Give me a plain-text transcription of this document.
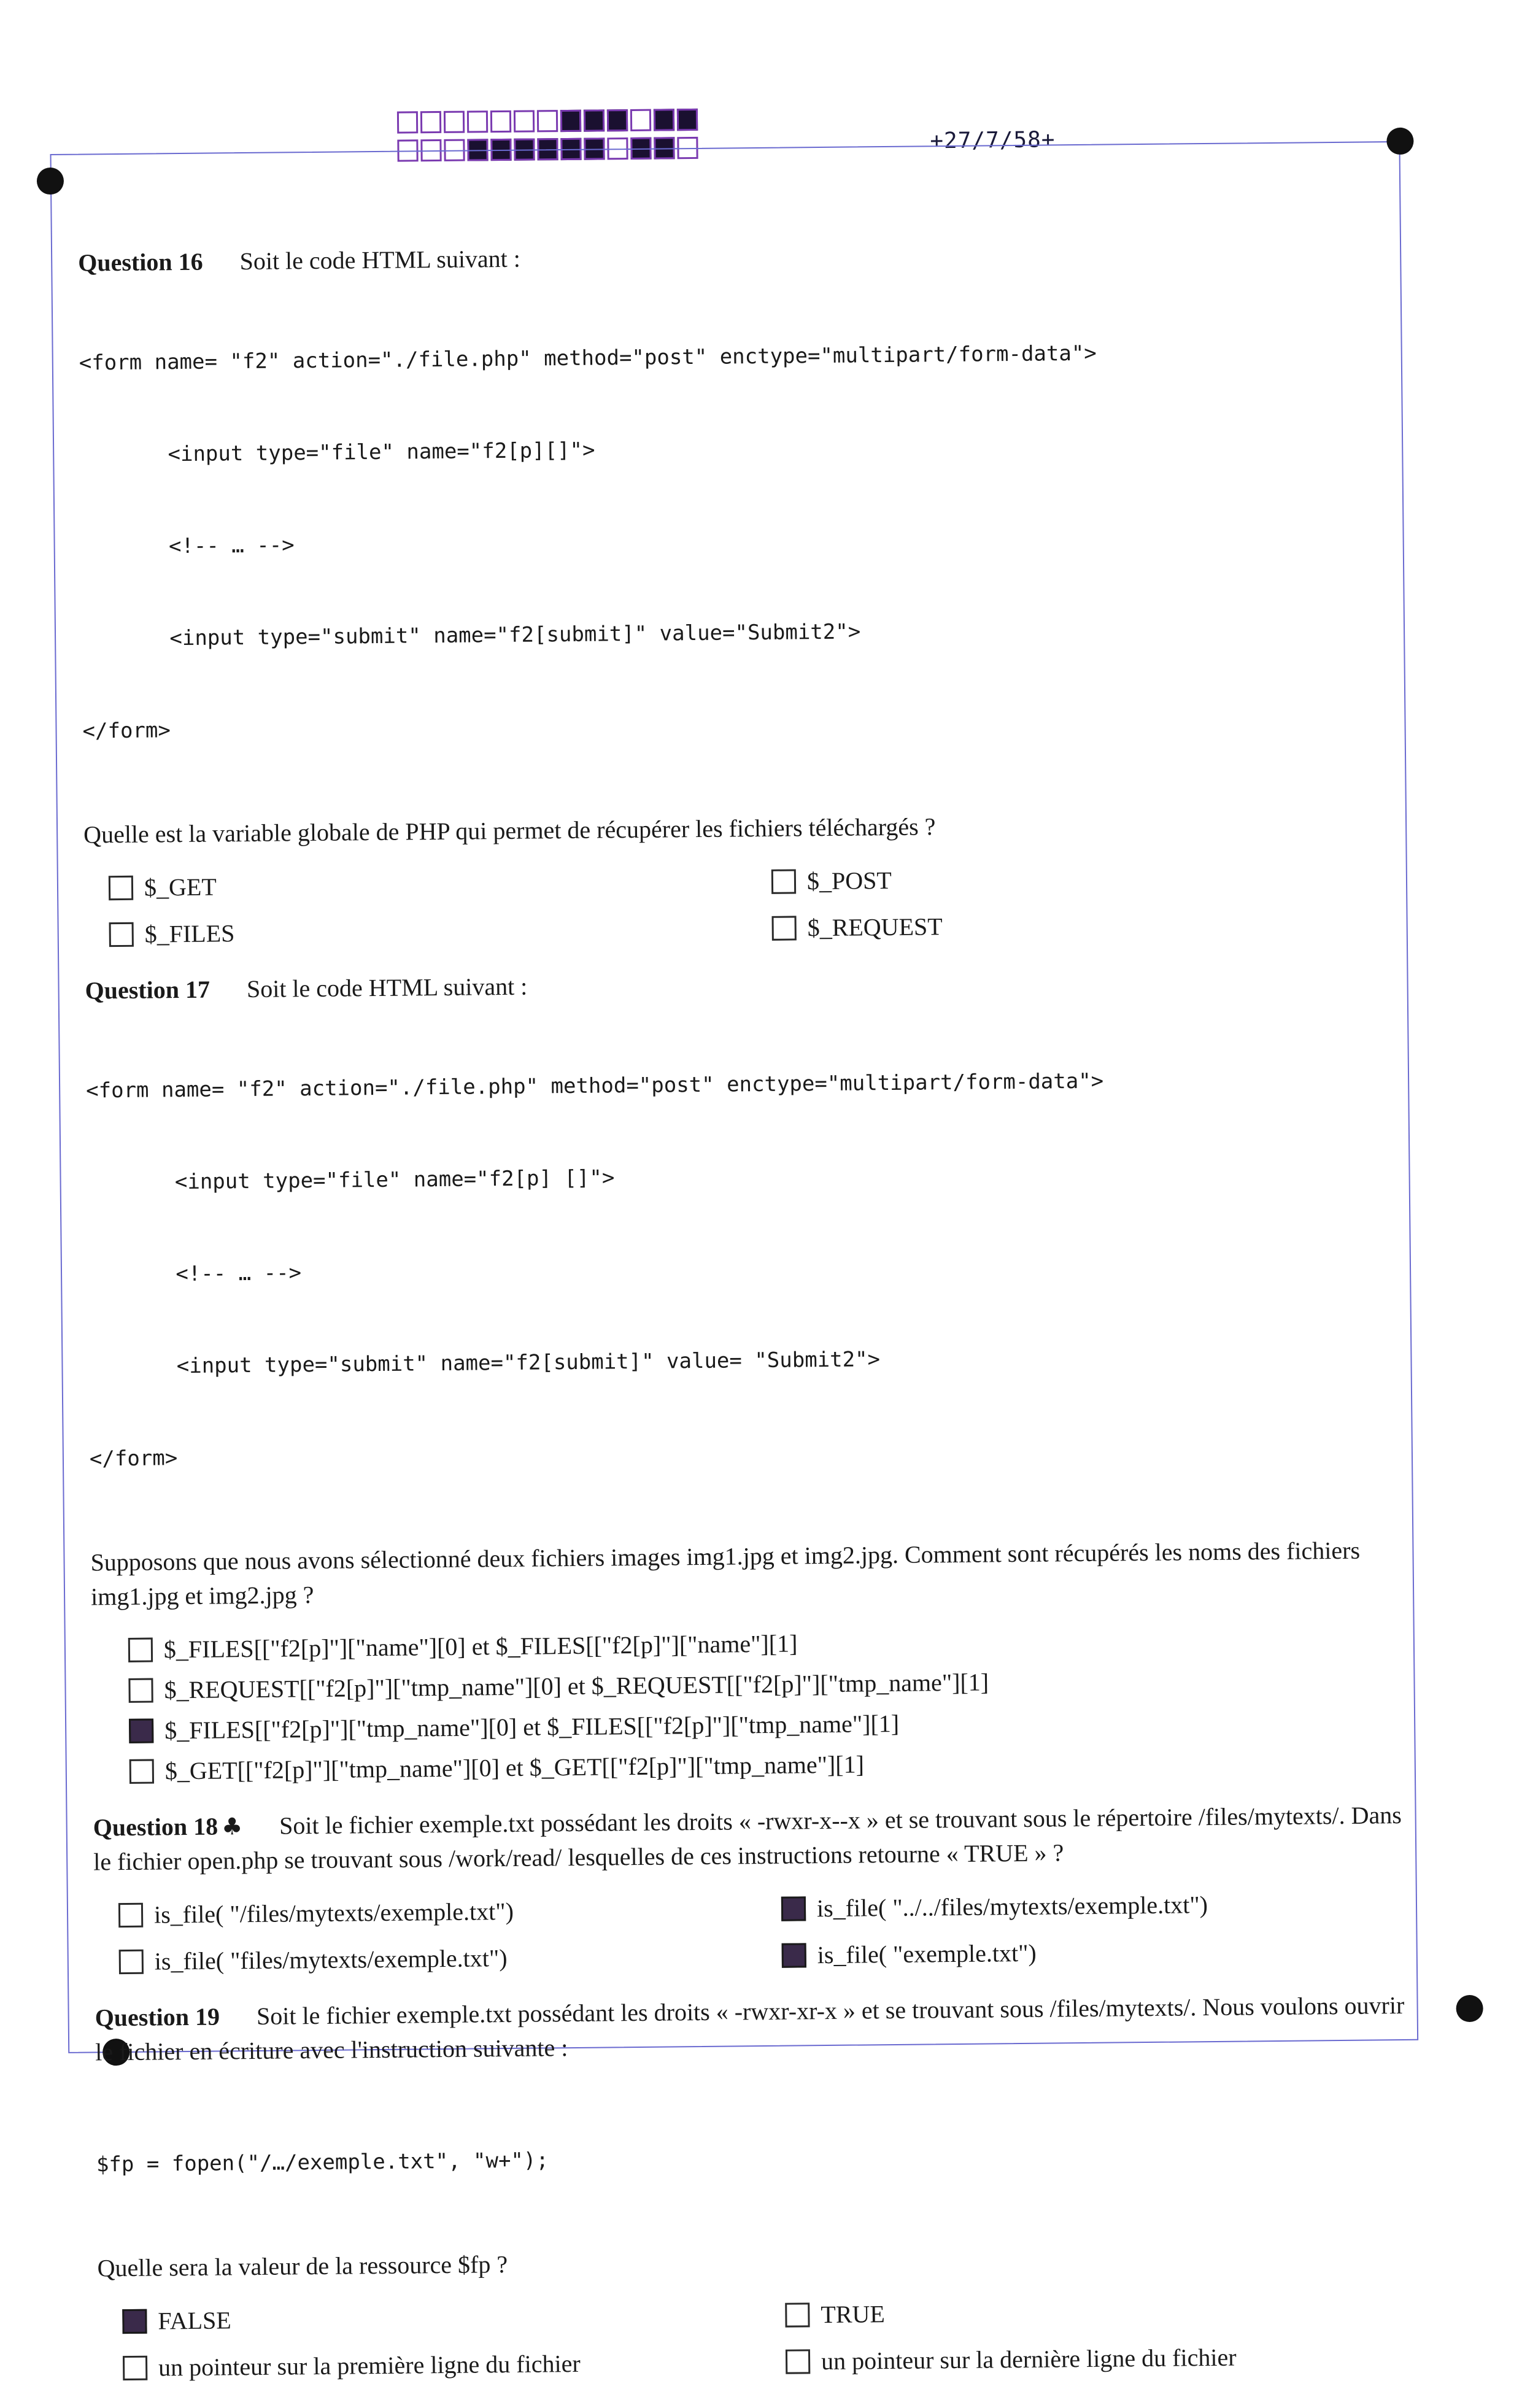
+27/7/58+
Question 16 Soit le code HTML suivant :

<form name= "f2" action="./file.php" method="post" enctype="multipart/form-data">

<input type="file" name="f2[p][]">

<!-- … -->

<input type="submit" name="f2[submit]" value="Submit2">

</form>

Quelle est la variable globale de PHP qui permet de récupérer les fichiers téléchargés ?
$_GET	$_POST
$_FILES	$_REQUEST
Question 17 Soit le code HTML suivant :

<form name= "f2" action="./file.php" method="post" enctype="multipart/form-data">

<input type="file" name="f2[p] []">

<!-- … -->

<input type="submit" name="f2[submit]" value= "Submit2">

</form>

Supposons que nous avons sélectionné deux fichiers images img1.jpg et img2.jpg. Comment sont récupérés les noms des fichiers img1.jpg et img2.jpg ?
$_FILES[["f2[p]"]["name"][0] et $_FILES[["f2[p]"]["name"][1]
$_REQUEST[["f2[p]"]["tmp_name"][0] et $_REQUEST[["f2[p]"]["tmp_name"][1]
$_FILES[["f2[p]"]["tmp_name"][0] et $_FILES[["f2[p]"]["tmp_name"][1]
$_GET[["f2[p]"]["tmp_name"][0] et $_GET[["f2[p]"]["tmp_name"][1]
Question 18 ♣ Soit le fichier exemple.txt possédant les droits « -rwxr-x--x » et se trouvant sous le répertoire /files/mytexts/. Dans le fichier open.php se trouvant sous /work/read/ lesquelles de ces instructions retourne « TRUE » ?
is_file( "/files/mytexts/exemple.txt")	is_file( "../../files/mytexts/exemple.txt")
is_file( "files/mytexts/exemple.txt")	is_file( "exemple.txt")
Question 19 Soit le fichier exemple.txt possédant les droits « -rwxr-xr-x » et se trouvant sous /files/mytexts/. Nous voulons ouvrir le fichier en écriture avec l'instruction suivante :

$fp = fopen("/…/exemple.txt", "w+");

Quelle sera la valeur de la ressource $fp ?
FALSE	TRUE
un pointeur sur la première ligne du fichier	un pointeur sur la dernière ligne du fichier
